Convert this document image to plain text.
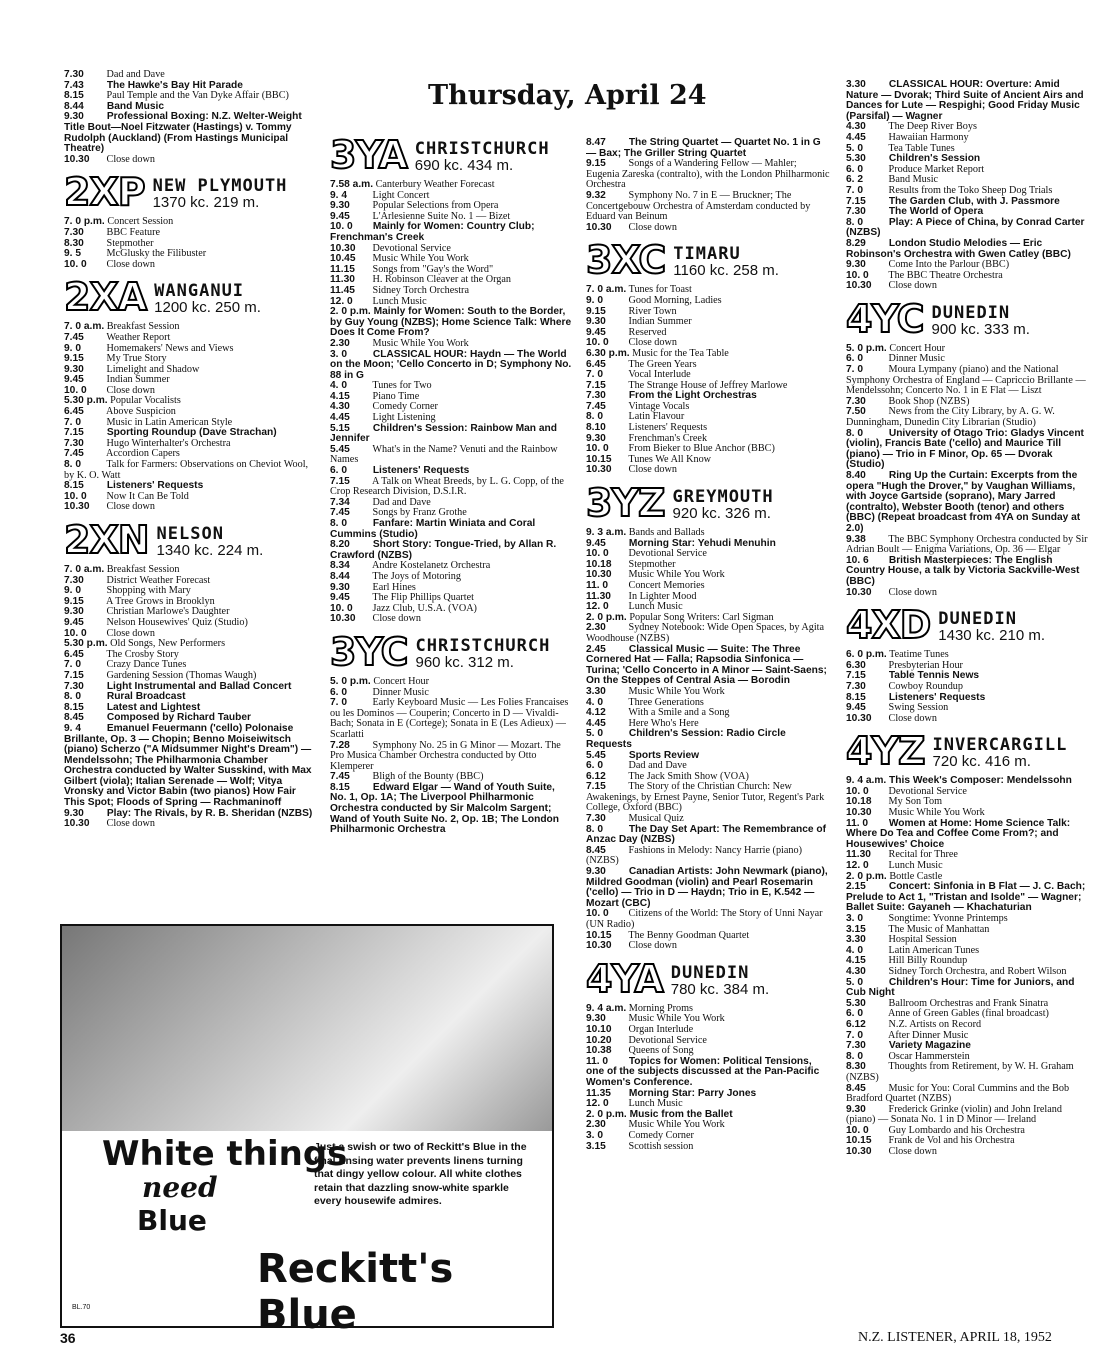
Thursday, April 24
7.30 Dad and Dave
7.43 The Hawke's Bay Hit Parade
8.15 Paul Temple and the Van Dyke Affair (BBC)
8.44 Band Music
9.30 Professional Boxing: N.Z. Welter-Weight Title Bout—Noel Fitzwater (Hastings) v. Tommy Rudolph (Auckland) (From Hastings Municipal Theatre)
10.30 Close down
2XP NEW PLYMOUTH
1370 kc. 219 m.
7. 0 p.m. Concert Session
7.30 BBC Feature
8.30 Stepmother
9. 5 McGlusky the Filibuster
10. 0 Close down
2XA WANGANUI
1200 kc. 250 m.
7. 0 a.m. Breakfast Session
7.45 Weather Report
9. 0 Homemakers' News and Views
9.15 My True Story
9.30 Limelight and Shadow
9.45 Indian Summer
10. 0 Close down
5.30 p.m. Popular Vocalists
6.45 Above Suspicion
7. 0 Music in Latin American Style
7.15 Sporting Roundup (Dave Strachan)
7.30 Hugo Winterhalter's Orchestra
7.45 Accordion Capers
8. 0 Talk for Farmers: Observations on Cheviot Wool, by K. O. Watt
8.15 Listeners' Requests
10. 0 Now It Can Be Told
10.30 Close down
2XN NELSON
1340 kc. 224 m.
7. 0 a.m. Breakfast Session
7.30 District Weather Forecast
9. 0 Shopping with Mary
9.15 A Tree Grows in Brooklyn
9.30 Christian Marlowe's Daughter
9.45 Nelson Housewives' Quiz (Studio)
10. 0 Close down
5.30 p.m. Old Songs, New Performers
6.45 The Crosby Story
7. 0 Crazy Dance Tunes
7.15 Gardening Session (Thomas Waugh)
7.30 Light Instrumental and Ballad Concert
8. 0 Rural Broadcast
8.15 Latest and Lightest
8.45 Composed by Richard Tauber
9. 4 Emanuel Feuermann ('cello) Polonaise Brillante, Op. 3 — Chopin; Benno Moiseiwitsch (piano) Scherzo ("A Midsummer Night's Dream") — Mendelssohn; The Philharmonia Chamber Orchestra conducted by Walter Susskind, with Max Gilbert (viola); Italian Serenade — Wolf; Vitya Vronsky and Victor Babin (two pianos) How Fair This Spot; Floods of Spring — Rachmaninoff
9.30 Play: The Rivals, by R. B. Sheridan (NZBS)
10.30 Close down
3YA CHRISTCHURCH
690 kc. 434 m.
7.58 a.m. Canterbury Weather Forecast
9. 4 Light Concert
9.30 Popular Selections from Opera
9.45 L'Arlesienne Suite No. 1 — Bizet
10. 0 Mainly for Women: Country Club; Frenchman's Creek
10.30 Devotional Service
10.45 Music While You Work
11.15 Songs from "Gay's the Word"
11.30 H. Robinson Cleaver at the Organ
11.45 Sidney Torch Orchestra
12. 0 Lunch Music
2. 0 p.m. Mainly for Women: South to the Border, by Guy Young (NZBS); Home Science Talk: Where Does It Come From?
2.30 Music While You Work
3. 0 CLASSICAL HOUR: Haydn — The World on the Moon; 'Cello Concerto in D; Symphony No. 88 in G
4. 0 Tunes for Two
4.15 Piano Time
4.30 Comedy Corner
4.45 Light Listening
5.15 Children's Session: Rainbow Man and Jennifer
5.45 What's in the Name? Venuti and the Rainbow Names
6. 0 Listeners' Requests
7.15 A Talk on Wheat Breeds, by L. G. Copp, of the Crop Research Division, D.S.I.R.
7.34 Dad and Dave
7.45 Songs by Franz Grothe
8. 0 Fanfare: Martin Winiata and Coral Cummins (Studio)
8.20 Short Story: Tongue-Tried, by Allan R. Crawford (NZBS)
8.34 Andre Kostelanetz Orchestra
8.44 The Joys of Motoring
9.30 Earl Hines
9.45 The Flip Phillips Quartet
10. 0 Jazz Club, U.S.A. (VOA)
10.30 Close down
3YC CHRISTCHURCH
960 kc. 312 m.
5. 0 p.m. Concert Hour
6. 0 Dinner Music
7. 0 Early Keyboard Music — Les Folies Francaises ou les Dominos — Couperin; Concerto in D — Vivaldi-Bach; Sonata in E (Cortege); Sonata in E (Les Adieux) — Scarlatti
7.28 Symphony No. 25 in G Minor — Mozart. The Pro Musica Chamber Orchestra conducted by Otto Klemperer
7.45 Bligh of the Bounty (BBC)
8.15 Edward Elgar — Wand of Youth Suite, No. 1, Op. 1A; The Liverpool Philharmonic Orchestra conducted by Sir Malcolm Sargent; Wand of Youth Suite No. 2, Op. 1B; The London Philharmonic Orchestra
8.47 The String Quartet — Quartet No. 1 in G — Bax; The Griller String Quartet
9.15 Songs of a Wandering Fellow — Mahler; Eugenia Zareska (contralto), with the London Philharmonic Orchestra
9.32 Symphony No. 7 in E — Bruckner; The Concertgebouw Orchestra of Amsterdam conducted by Eduard van Beinum
10.30 Close down
3XC TIMARU
1160 kc. 258 m.
7. 0 a.m. Tunes for Toast
9. 0 Good Morning, Ladies
9.15 River Town
9.30 Indian Summer
9.45 Reserved
10. 0 Close down
6.30 p.m. Music for the Tea Table
6.45 The Green Years
7. 0 Vocal Interlude
7.15 The Strange House of Jeffrey Marlowe
7.30 From the Light Orchestras
7.45 Vintage Vocals
8. 0 Latin Flavour
8.10 Listeners' Requests
9.30 Frenchman's Creek
10. 0 From Bieker to Blue Anchor (BBC)
10.15 Tunes We All Know
10.30 Close down
3YZ GREYMOUTH
920 kc. 326 m.
9. 3 a.m. Bands and Ballads
9.45 Morning Star: Yehudi Menuhin
10. 0 Devotional Service
10.18 Stepmother
10.30 Music While You Work
11. 0 Concert Memories
11.30 In Lighter Mood
12. 0 Lunch Music
2. 0 p.m. Popular Song Writers: Carl Sigman
2.30 Sydney Notebook: Wide Open Spaces, by Agita Woodhouse (NZBS)
2.45 Classical Music — Suite: The Three Cornered Hat — Falla; Rapsodia Sinfonica — Turina; 'Cello Concerto in A Minor — Saint-Saens; On the Steppes of Central Asia — Borodin
3.30 Music While You Work
4. 0 Three Generations
4.12 With a Smile and a Song
4.45 Here Who's Here
5. 0 Children's Session: Radio Circle Requests
5.45 Sports Review
6. 0 Dad and Dave
6.12 The Jack Smith Show (VOA)
7.15 The Story of the Christian Church: New Awakenings, by Ernest Payne, Senior Tutor, Regent's Park College, Oxford (BBC)
7.30 Musical Quiz
8. 0 The Day Set Apart: The Remembrance of Anzac Day (NZBS)
8.45 Fashions in Melody: Nancy Harrie (piano) (NZBS)
9.30 Canadian Artists: John Newmark (piano), Mildred Goodman (violin) and Pearl Rosemarin ('cello) — Trio in D — Haydn; Trio in E, K.542 — Mozart (CBC)
10. 0 Citizens of the World: The Story of Unni Nayar (UN Radio)
10.15 The Benny Goodman Quartet
10.30 Close down
4YA DUNEDIN
780 kc. 384 m.
9. 4 a.m. Morning Proms
9.30 Music While You Work
10.10 Organ Interlude
10.20 Devotional Service
10.38 Queens of Song
11. 0 Topics for Women: Political Tensions, one of the subjects discussed at the Pan-Pacific Women's Conference.
11.35 Morning Star: Parry Jones
12. 0 Lunch Music
2. 0 p.m. Music from the Ballet
2.30 Music While You Work
3. 0 Comedy Corner
3.15 Scottish session
3.30 CLASSICAL HOUR: Overture: Amid Nature — Dvorak; Third Suite of Ancient Airs and Dances for Lute — Respighi; Good Friday Music (Parsifal) — Wagner
4.30 The Deep River Boys
4.45 Hawaiian Harmony
5. 0 Tea Table Tunes
5.30 Children's Session
6. 0 Produce Market Report
6. 2 Band Music
7. 0 Results from the Toko Sheep Dog Trials
7.15 The Garden Club, with J. Passmore
7.30 The World of Opera
8. 0 Play: A Piece of China, by Conrad Carter (NZBS)
8.29 London Studio Melodies — Eric Robinson's Orchestra with Gwen Catley (BBC)
9.30 Come Into the Parlour (BBC)
10. 0 The BBC Theatre Orchestra
10.30 Close down
4YC DUNEDIN
900 kc. 333 m.
5. 0 p.m. Concert Hour
6. 0 Dinner Music
7. 0 Moura Lympany (piano) and the National Symphony Orchestra of England — Capriccio Brillante — Mendelssohn; Concerto No. 1 in E Flat — Liszt
7.30 Book Shop (NZBS)
7.50 News from the City Library, by A. G. W. Dunningham, Dunedin City Librarian (Studio)
8. 0 University of Otago Trio: Gladys Vincent (violin), Francis Bate ('cello) and Maurice Till (piano) — Trio in F Minor, Op. 65 — Dvorak (Studio)
8.40 Ring Up the Curtain: Excerpts from the opera "Hugh the Drover," by Vaughan Williams, with Joyce Gartside (soprano), Mary Jarred (contralto), Webster Booth (tenor) and others (BBC) (Repeat broadcast from 4YA on Sunday at 2.0)
9.38 The BBC Symphony Orchestra conducted by Sir Adrian Boult — Enigma Variations, Op. 36 — Elgar
10. 6 British Masterpieces: The English Country House, a talk by Victoria Sackville-West (BBC)
10.30 Close down
4XD DUNEDIN
1430 kc. 210 m.
6. 0 p.m. Teatime Tunes
6.30 Presbyterian Hour
7.15 Table Tennis News
7.30 Cowboy Roundup
8.15 Listeners' Requests
9.45 Swing Session
10.30 Close down
4YZ INVERCARGILL
720 kc. 416 m.
9. 4 a.m. This Week's Composer: Mendelssohn
10. 0 Devotional Service
10.18 My Son Tom
10.30 Music While You Work
11. 0 Women at Home: Home Science Talk: Where Do Tea and Coffee Come From?; and Housewives' Choice
11.30 Recital for Three
12. 0 Lunch Music
2. 0 p.m. Bottle Castle
2.15 Concert: Sinfonia in B Flat — J. C. Bach; Prelude to Act 1, "Tristan and Isolde" — Wagner; Ballet Suite: Gayaneh — Khachaturian
3. 0 Songtime: Yvonne Printemps
3.15 The Music of Manhattan
3.30 Hospital Session
4. 0 Latin American Tunes
4.15 Hill Billy Roundup
4.30 Sidney Torch Orchestra, and Robert Wilson
5. 0 Children's Hour: Time for Juniors, and Cub Night
5.30 Ballroom Orchestras and Frank Sinatra
6. 0 Anne of Green Gables (final broadcast)
6.12 N.Z. Artists on Record
7. 0 After Dinner Music
7.30 Variety Magazine
8. 0 Oscar Hammerstein
8.30 Thoughts from Retirement, by W. H. Graham (NZBS)
8.45 Music for You: Coral Cummins and the Bob Bradford Quartet (NZBS)
9.30 Frederick Grinke (violin) and John Ireland (piano) — Sonata No. 1 in D Minor — Ireland
10. 0 Guy Lombardo and his Orchestra
10.15 Frank de Vol and his Orchestra
10.30 Close down
White things
need
Blue
Just a swish or two of Reckitt's Blue in the final rinsing water prevents linens turning that dingy yellow colour. All white clothes retain that dazzling snow-white sparkle every housewife admires.
Reckitt's Blue
BL.70
36	N.Z. LISTENER, APRIL 18, 1952
